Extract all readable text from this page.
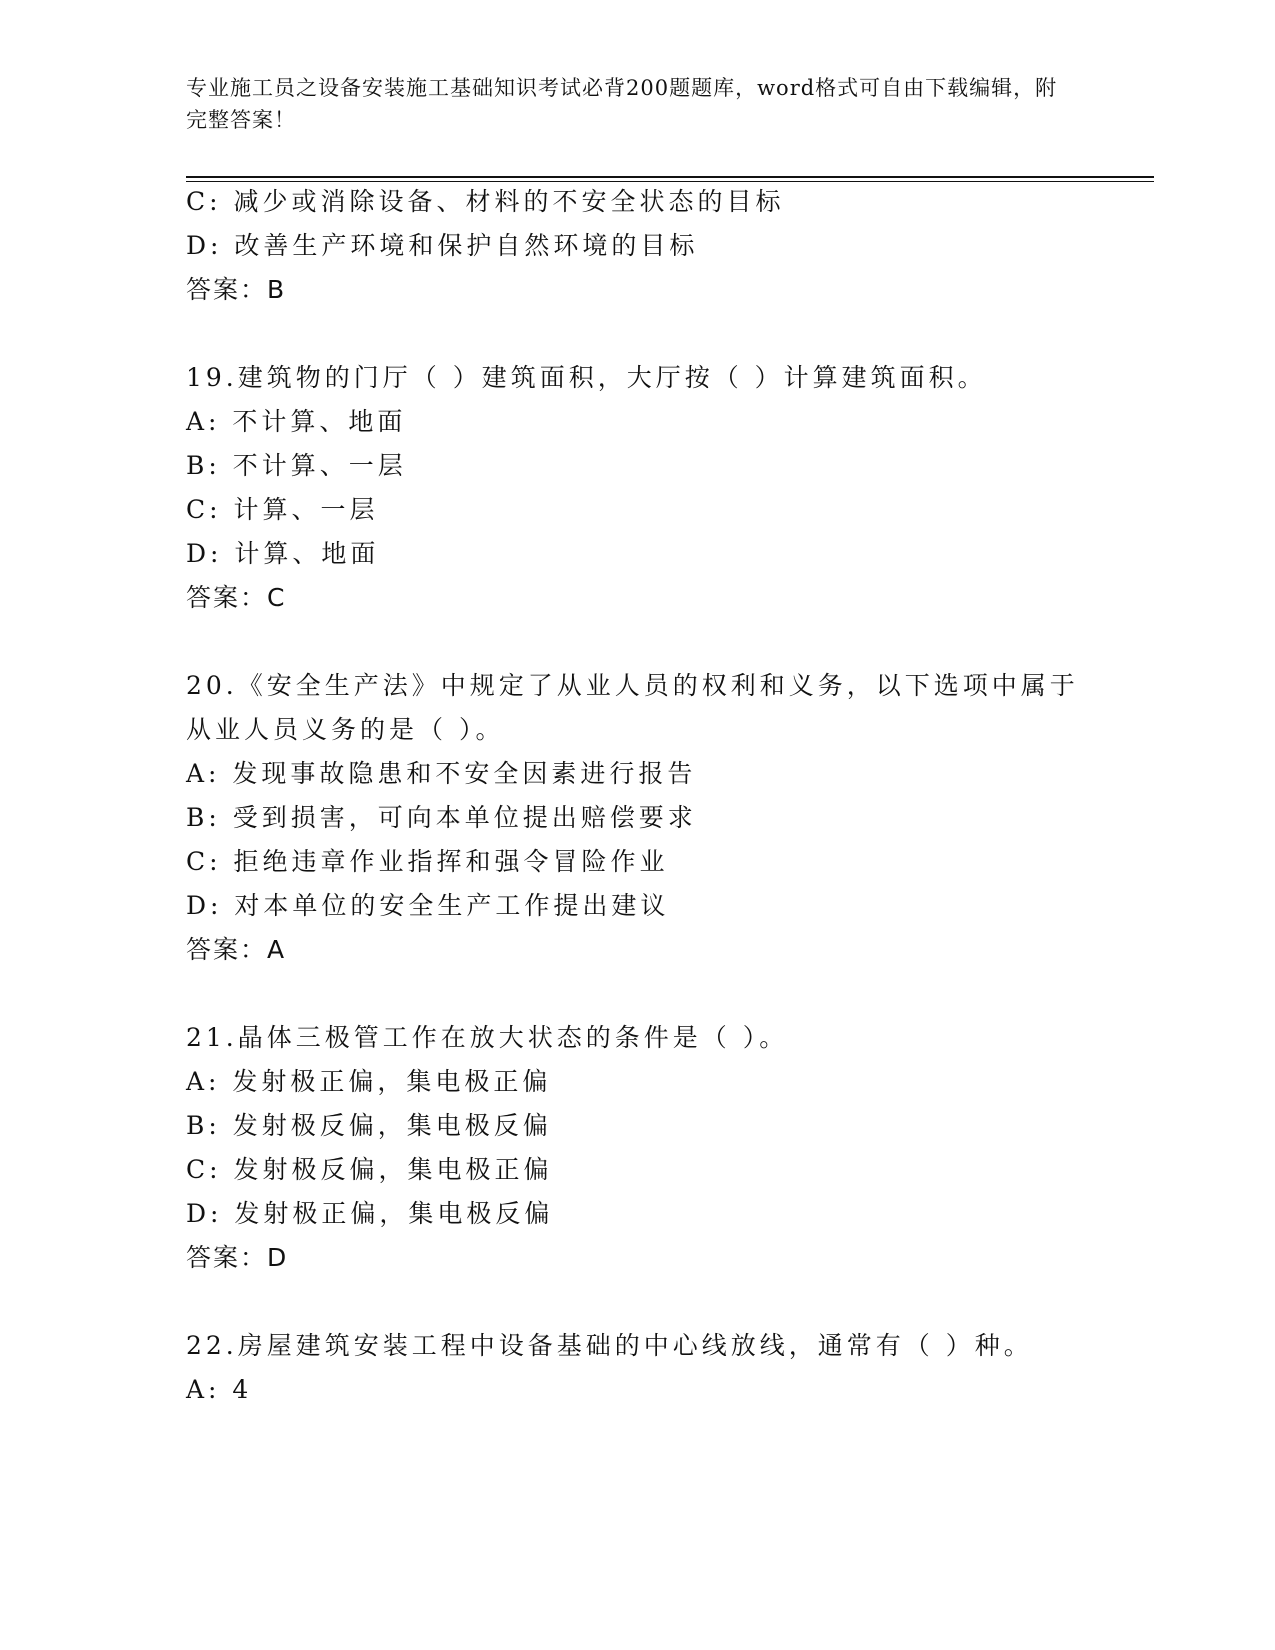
专业施工员之设备安装施工基础知识考试必背200题题库，word格式可自由下载编辑，附完整答案！
C: 减少或消除设备、材料的不安全状态的目标
D: 改善生产环境和保护自然环境的目标
答案：B
19.建筑物的门厅（ ）建筑面积，大厅按（ ）计算建筑面积。
A: 不计算、地面
B: 不计算、一层
C: 计算、一层
D: 计算、地面
答案：C
20.《安全生产法》中规定了从业人员的权利和义务，以下选项中属于
从业人员义务的是（ ）。
A: 发现事故隐患和不安全因素进行报告
B: 受到损害，可向本单位提出赔偿要求
C: 拒绝违章作业指挥和强令冒险作业
D: 对本单位的安全生产工作提出建议
答案：A
21.晶体三极管工作在放大状态的条件是（ ）。
A: 发射极正偏，集电极正偏
B: 发射极反偏，集电极反偏
C: 发射极反偏，集电极正偏
D: 发射极正偏，集电极反偏
答案：D
22.房屋建筑安装工程中设备基础的中心线放线，通常有（ ）种。
A: 4
